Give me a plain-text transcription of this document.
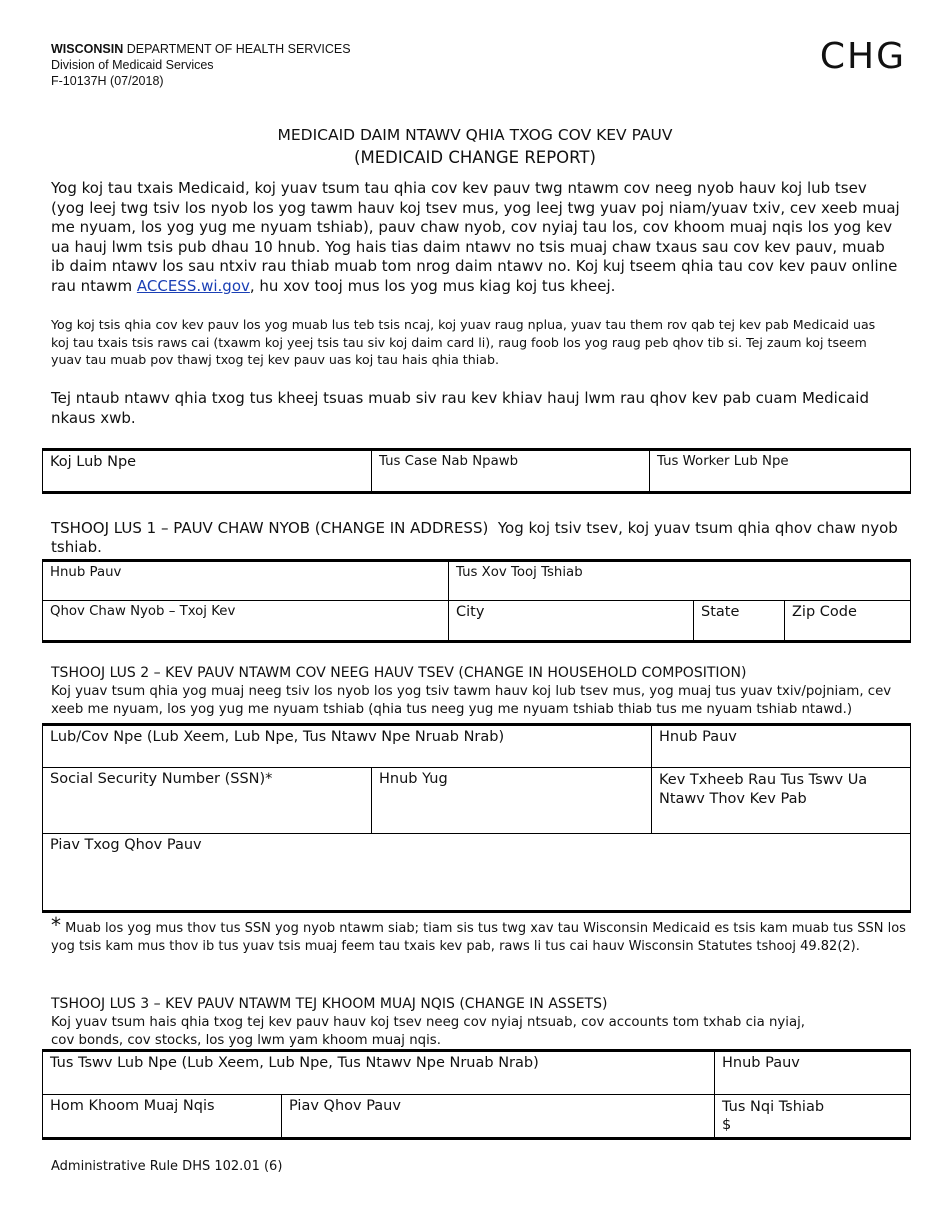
WISCONSIN DEPARTMENT OF HEALTH SERVICES
Division of Medicaid Services
F-10137H (07/2018)
CHG
MEDICAID DAIM NTAWV QHIA TXOG COV KEV PAUV
(MEDICAID CHANGE REPORT)
Yog koj tau txais Medicaid, koj yuav tsum tau qhia cov kev pauv twg ntawm cov neeg nyob hauv koj lub tsev (yog leej twg tsiv los nyob los yog tawm hauv koj tsev mus, yog leej twg yuav poj niam/yuav txiv, cev xeeb muaj me nyuam, los yog yug me nyuam tshiab), pauv chaw nyob, cov nyiaj tau los, cov khoom muaj nqis los yog kev ua hauj lwm tsis pub dhau 10 hnub. Yog hais tias daim ntawv no tsis muaj chaw txaus sau cov kev pauv, muab ib daim ntawv los sau ntxiv rau thiab muab tom nrog daim ntawv no. Koj kuj tseem qhia tau cov kev pauv online rau ntawm ACCESS.wi.gov, hu xov tooj mus los yog mus kiag koj tus kheej.
Yog koj tsis qhia cov kev pauv los yog muab lus teb tsis ncaj, koj yuav raug nplua, yuav tau them rov qab tej kev pab Medicaid uas koj tau txais tsis raws cai (txawm koj yeej tsis tau siv koj daim card li), raug foob los yog raug peb qhov tib si. Tej zaum koj tseem yuav tau muab pov thawj txog tej kev pauv uas koj tau hais qhia thiab.
Tej ntaub ntawv qhia txog tus kheej tsuas muab siv rau kev khiav hauj lwm rau qhov kev pab cuam Medicaid nkaus xwb.
Koj Lub Npe	Tus Case Nab Npawb	Tus Worker Lub Npe
TSHOOJ LUS 1 – PAUV CHAW NYOB (CHANGE IN ADDRESS) Yog koj tsiv tsev, koj yuav tsum qhia qhov chaw nyob tshiab.
Hnub Pauv	Tus Xov Tooj Tshiab		
Qhov Chaw Nyob – Txoj Kev	City	State	Zip Code
TSHOOJ LUS 2 – KEV PAUV NTAWM COV NEEG HAUV TSEV (CHANGE IN HOUSEHOLD COMPOSITION)
Koj yuav tsum qhia yog muaj neeg tsiv los nyob los yog tsiv tawm hauv koj lub tsev mus, yog muaj tus yuav txiv/pojniam, cev xeeb me nyuam, los yog yug me nyuam tshiab (qhia tus neeg yug me nyuam tshiab thiab tus me nyuam tshiab ntawd.)
Lub/Cov Npe (Lub Xeem, Lub Npe, Tus Ntawv Npe Nruab Nrab)		Hnub Pauv
Social Security Number (SSN)*	Hnub Yug	Kev Txheeb Rau Tus Tswv Ua Ntawv Thov Kev Pab
Piav Txog Qhov Pauv		
* Muab los yog mus thov tus SSN yog nyob ntawm siab; tiam sis tus twg xav tau Wisconsin Medicaid es tsis kam muab tus SSN los yog tsis kam mus thov ib tus yuav tsis muaj feem tau txais kev pab, raws li tus cai hauv Wisconsin Statutes tshooj 49.82(2).
TSHOOJ LUS 3 – KEV PAUV NTAWM TEJ KHOOM MUAJ NQIS (CHANGE IN ASSETS)
Koj yuav tsum hais qhia txog tej kev pauv hauv koj tsev neeg cov nyiaj ntsuab, cov accounts tom txhab cia nyiaj, cov bonds, cov stocks, los yog lwm yam khoom muaj nqis.
Tus Tswv Lub Npe (Lub Xeem, Lub Npe, Tus Ntawv Npe Nruab Nrab)		Hnub Pauv
Hom Khoom Muaj Nqis	Piav Qhov Pauv	Tus Nqi Tshiab
$
Administrative Rule DHS 102.01 (6)
